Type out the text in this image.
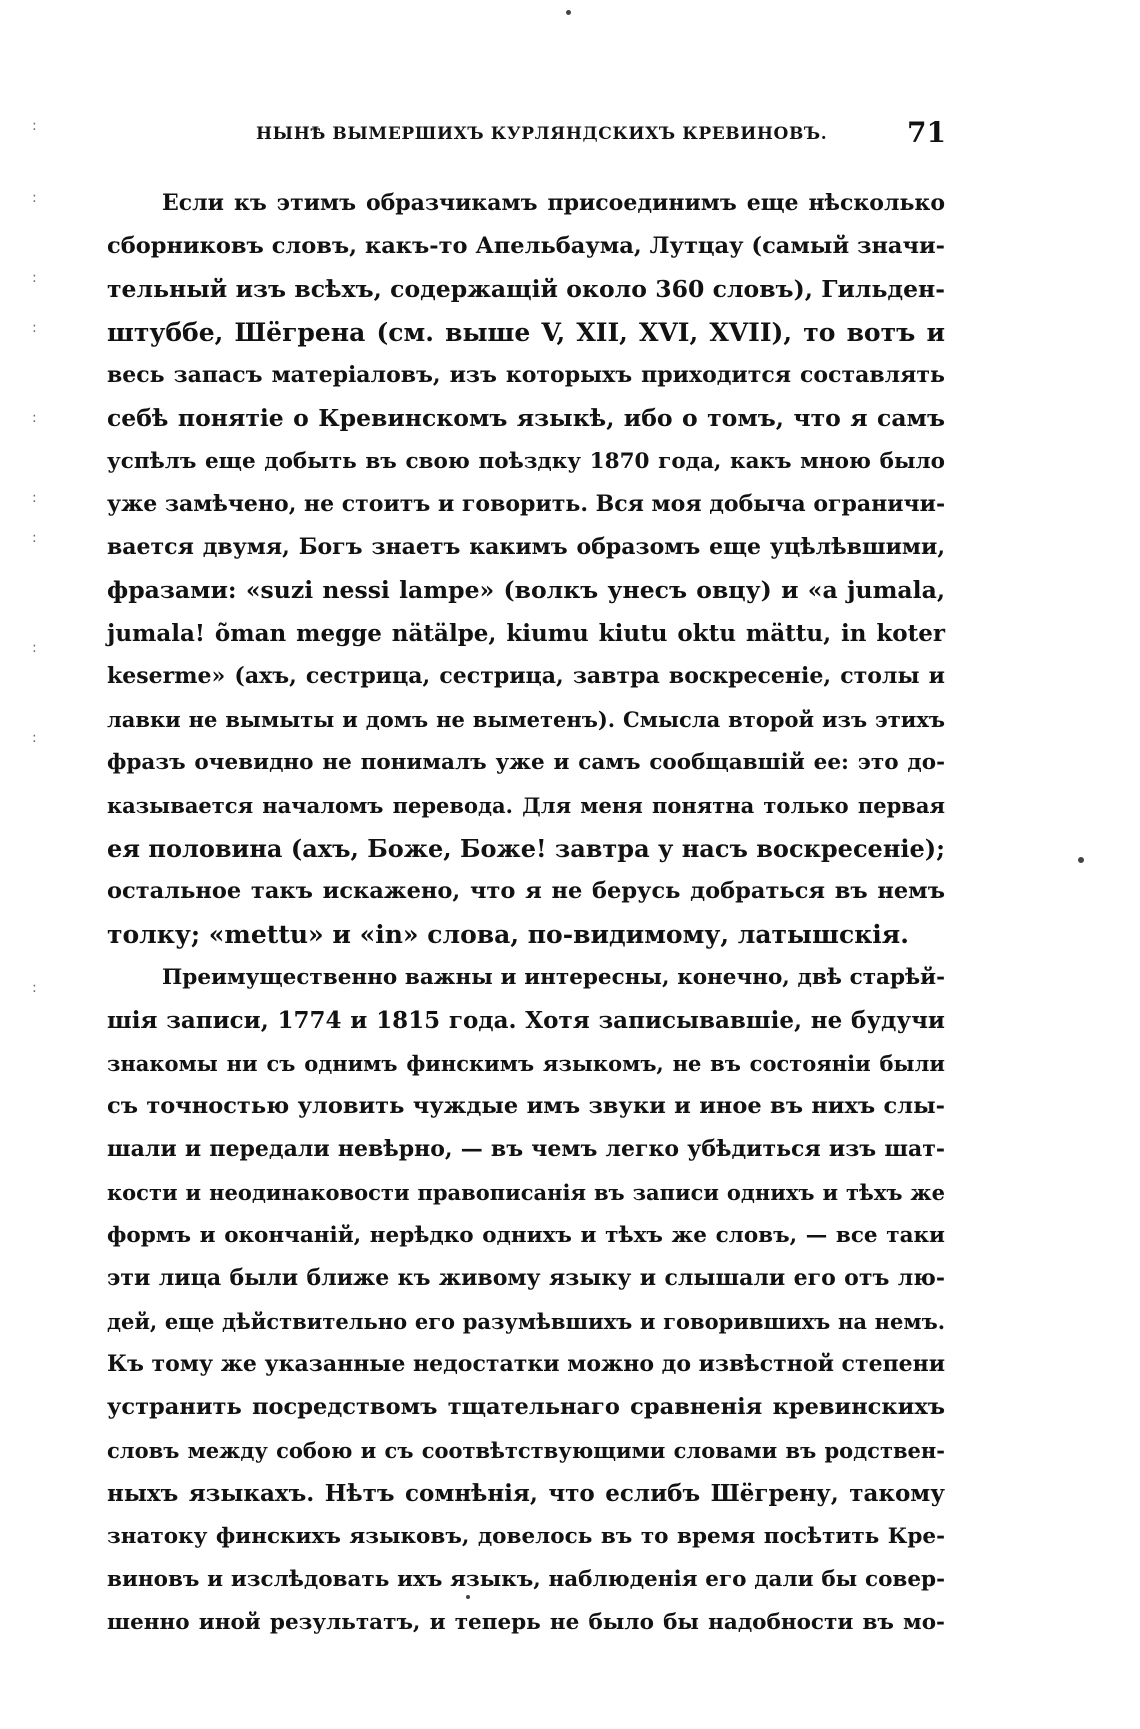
:
:
:
:
:
:
:
:
:
:
НЫНѢ ВЫМЕРШИХЪ КУРЛЯНДСКИХЪ КРЕВИНОВЪ.	71
Если къ этимъ образчикамъ присоединимъ еще нѣсколько
сборниковъ словъ, какъ-то Апельбаума, Лутцау (самый значи-
тельный изъ всѣхъ, содержащій около 360 словъ), Гильден-
штуббе, Шёгрена (см. выше V, XII, XVI, XVII), то вотъ и
весь запасъ матеріаловъ, изъ которыхъ приходится составлять
себѣ понятіе о Кревинскомъ языкѣ, ибо о томъ, что я самъ
успѣлъ еще добыть въ свою поѣздку 1870 года, какъ мною было
уже замѣчено, не стоитъ и говорить. Вся моя добыча ограничи-
вается двумя, Богъ знаетъ какимъ образомъ еще уцѣлѣвшими,
фразами: «suzi nessi lampe» (волкъ унесъ овцу) и «a jumala,
jumala! õman megge nätälpe, kiumu kiutu oktu mättu, in koter
keserme» (ахъ, сестрица, сестрица, завтра воскресеніе, столы и
лавки не вымыты и домъ не выметенъ). Смысла второй изъ этихъ
фразъ очевидно не понималъ уже и самъ сообщавшій ее: это до-
казывается началомъ перевода. Для меня понятна только первая
ея половина (ахъ, Боже, Боже! завтра у насъ воскресеніе);
остальное такъ искажено, что я не берусь добраться въ немъ
толку; «mettu» и «in» слова, по-видимому, латышскія.
Преимущественно важны и интересны, конечно, двѣ старѣй-
шія записи, 1774 и 1815 года. Хотя записывавшіе, не будучи
знакомы ни съ однимъ финскимъ языкомъ, не въ состояніи были
съ точностью уловить чуждые имъ звуки и иное въ нихъ слы-
шали и передали невѣрно, — въ чемъ легко убѣдиться изъ шат-
кости и неодинаковости правописанія въ записи однихъ и тѣхъ же
формъ и окончаній, нерѣдко однихъ и тѣхъ же словъ, — все таки
эти лица были ближе къ живому языку и слышали его отъ лю-
дей, еще дѣйствительно его разумѣвшихъ и говорившихъ на немъ.
Къ тому же указанные недостатки можно до извѣстной степени
устранить посредствомъ тщательнаго сравненія кревинскихъ
словъ между собою и съ соотвѣтствующими словами въ родствен-
ныхъ языкахъ. Нѣтъ сомнѣнія, что еслибъ Шёгрену, такому
знатоку финскихъ языковъ, довелось въ то время посѣтить Кре-
виновъ и изслѣдовать ихъ языкъ, наблюденія его дали бы совер-
шенно иной результатъ, и теперь не было бы надобности въ мо-
